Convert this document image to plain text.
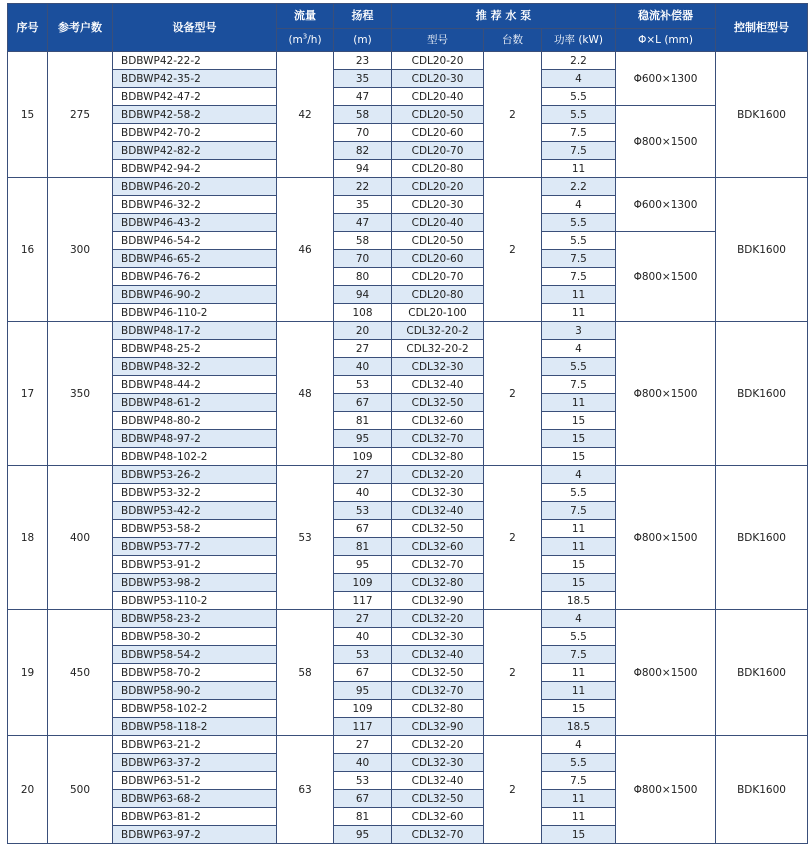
序号	参考户数	设备型号	流量	扬程	推 荐 水 泵			稳流补偿器	控制柜型号
			$(m^3/h)$	(m)	型号	台数	功率 (kW)	Φ×L (mm)	
15	275	BDBWP42-22-2	42	23	CDL20-20	2	2.2	Φ600×1300	BDK1600
		BDBWP42-35-2		35	CDL20-30		4		
		BDBWP42-47-2		47	CDL20-40		5.5		
		BDBWP42-58-2		58	CDL20-50		5.5	Φ800×1500	
		BDBWP42-70-2		70	CDL20-60		7.5		
		BDBWP42-82-2		82	CDL20-70		7.5		
		BDBWP42-94-2		94	CDL20-80		11		
16	300	BDBWP46-20-2	46	22	CDL20-20	2	2.2	Φ600×1300	BDK1600
		BDBWP46-32-2		35	CDL20-30		4		
		BDBWP46-43-2		47	CDL20-40		5.5		
		BDBWP46-54-2		58	CDL20-50		5.5	Φ800×1500	
		BDBWP46-65-2		70	CDL20-60		7.5		
		BDBWP46-76-2		80	CDL20-70		7.5		
		BDBWP46-90-2		94	CDL20-80		11		
		BDBWP46-110-2		108	CDL20-100		11		
17	350	BDBWP48-17-2	48	20	CDL32-20-2	2	3	Φ800×1500	BDK1600
		BDBWP48-25-2		27	CDL32-20-2		4		
		BDBWP48-32-2		40	CDL32-30		5.5		
		BDBWP48-44-2		53	CDL32-40		7.5		
		BDBWP48-61-2		67	CDL32-50		11		
		BDBWP48-80-2		81	CDL32-60		15		
		BDBWP48-97-2		95	CDL32-70		15		
		BDBWP48-102-2		109	CDL32-80		15		
18	400	BDBWP53-26-2	53	27	CDL32-20	2	4	Φ800×1500	BDK1600
		BDBWP53-32-2		40	CDL32-30		5.5		
		BDBWP53-42-2		53	CDL32-40		7.5		
		BDBWP53-58-2		67	CDL32-50		11		
		BDBWP53-77-2		81	CDL32-60		11		
		BDBWP53-91-2		95	CDL32-70		15		
		BDBWP53-98-2		109	CDL32-80		15		
		BDBWP53-110-2		117	CDL32-90		18.5		
19	450	BDBWP58-23-2	58	27	CDL32-20	2	4	Φ800×1500	BDK1600
		BDBWP58-30-2		40	CDL32-30		5.5		
		BDBWP58-54-2		53	CDL32-40		7.5		
		BDBWP58-70-2		67	CDL32-50		11		
		BDBWP58-90-2		95	CDL32-70		11		
		BDBWP58-102-2		109	CDL32-80		15		
		BDBWP58-118-2		117	CDL32-90		18.5		
20	500	BDBWP63-21-2	63	27	CDL32-20	2	4	Φ800×1500	BDK1600
		BDBWP63-37-2		40	CDL32-30		5.5		
		BDBWP63-51-2		53	CDL32-40		7.5		
		BDBWP63-68-2		67	CDL32-50		11		
		BDBWP63-81-2		81	CDL32-60		11		
		BDBWP63-97-2		95	CDL32-70		15		
